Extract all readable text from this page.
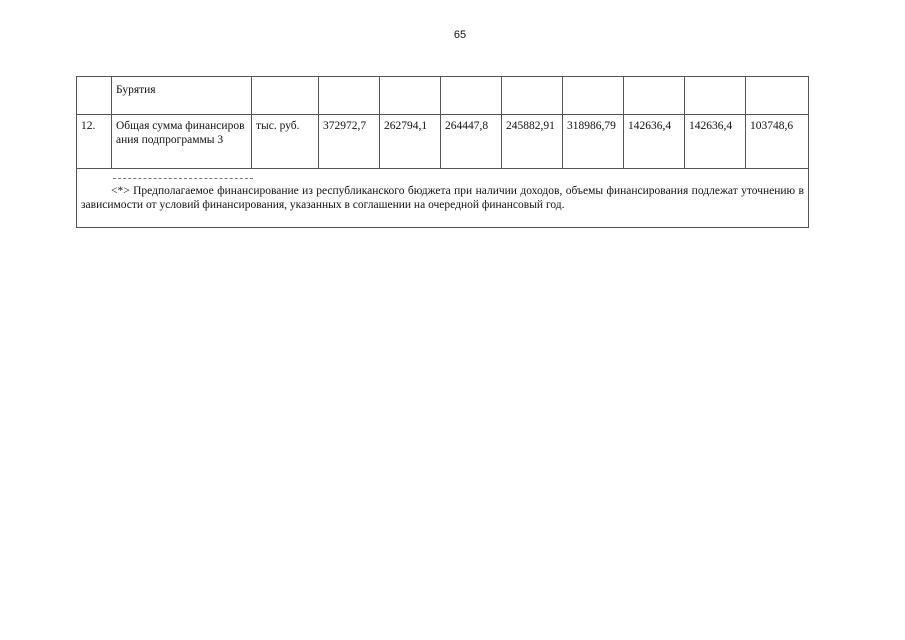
65
	Бурятия									
12.	Общая сумма финансирования подпрограммы 3	тыс. руб.	372972,7	262794,1	264447,8	245882,91	318986,79	142636,4	142636,4	103748,6

<*> Предполагаемое финансирование из республиканского бюджета при наличии доходов, объемы финансирования подлежат уточнению в зависимости от условий финансирования, указанных в соглашении на очередной финансовый год.										
